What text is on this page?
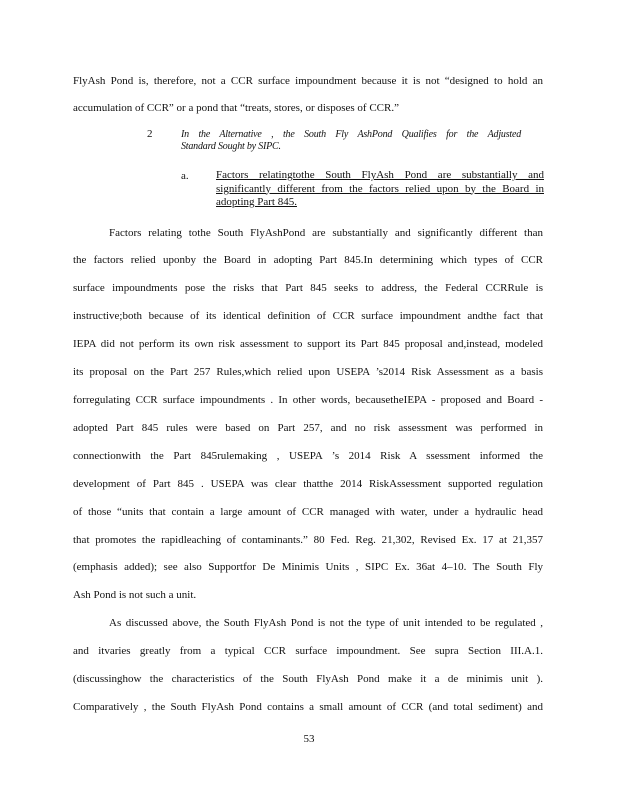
FlyAsh Pond is, therefore, not a CCR surface impoundment because it is not “designed to hold an
accumulation of CCR” or a pond that “treats, stores, or disposes of CCR.”
2	In the Alternative , the South Fly AshPond Qualifies for the Adjusted
Standard Sought by SIPC.
a. Factors relatingtothe South FlyAsh Pond are substantially and
significantly different from the factors relied upon by the Board in
adopting Part 845.
Factors relating tothe South FlyAshPond are substantially and significantly different than
the factors relied uponby the Board in adopting Part 845.In determining which types of CCR
surface impoundments pose the risks that Part 845 seeks to address, the Federal CCRRule is
instructive;both because of its identical definition of CCR surface impoundment andthe fact that
IEPA did not perform its own risk assessment to support its Part 845 proposal and,instead, modeled
its proposal on the Part 257 Rules,which relied upon USEPA ’s2014 Risk Assessment as a basis
forregulating CCR surface impoundments . In other words, becausetheIEPA - proposed and Board -
adopted Part 845 rules were based on Part 257, and no risk assessment was performed in
connectionwith the Part 845rulemaking , USEPA ’s 2014 Risk A ssessment informed the
development of Part 845 . USEPA was clear thatthe 2014 RiskAssessment supported regulation
of those “units that contain a large amount of CCR managed with water, under a hydraulic head
that promotes the rapidleaching of contaminants.” 80 Fed. Reg. 21,302, Revised Ex. 17 at 21,357
(emphasis added); see also Supportfor De Minimis Units , SIPC Ex. 36at 4–10. The South Fly
Ash Pond is not such a unit.
As discussed above, the South FlyAsh Pond is not the type of unit intended to be regulated ,
and itvaries greatly from a typical CCR surface impoundment. See supra Section III.A.1.
(discussinghow the characteristics of the South FlyAsh Pond make it a de minimis unit ).
Comparatively , the South FlyAsh Pond contains a small amount of CCR (and total sediment) and
53
